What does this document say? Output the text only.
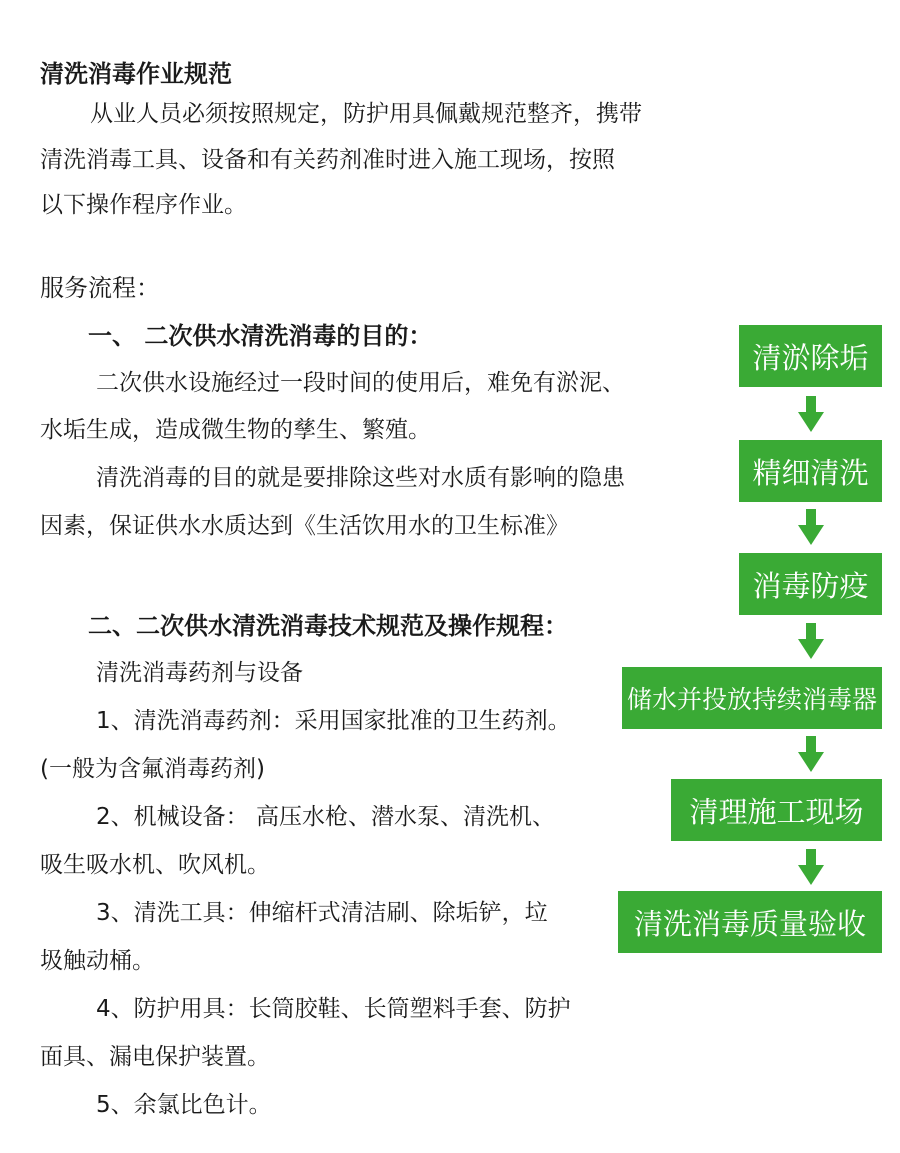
清洗消毒作业规范
从业人员必须按照规定，防护用具佩戴规范整齐，携带
清洗消毒工具、设备和有关药剂准时进入施工现场，按照
以下操作程序作业。
服务流程：
一、 二次供水清洗消毒的目的：
二次供水设施经过一段时间的使用后，难免有淤泥、
水垢生成，造成微生物的孳生、繁殖。
清洗消毒的目的就是要排除这些对水质有影响的隐患
因素，保证供水水质达到《生活饮用水的卫生标准》
二、二次供水清洗消毒技术规范及操作规程：
清洗消毒药剂与设备
1、清洗消毒药剂：采用国家批准的卫生药剂。
(一般为含氟消毒药剂)
2、机械设备： 高压水枪、潜水泵、清洗机、
吸生吸水机、吹风机。
3、清洗工具：伸缩杆式清洁刷、除垢铲，垃
圾触动桶。
4、防护用具：长筒胶鞋、长筒塑料手套、防护
面具、漏电保护装置。
5、余氯比色计。
清淤除垢
精细清洗
消毒防疫
储水并投放持续消毒器
清理施工现场
清洗消毒质量验收
